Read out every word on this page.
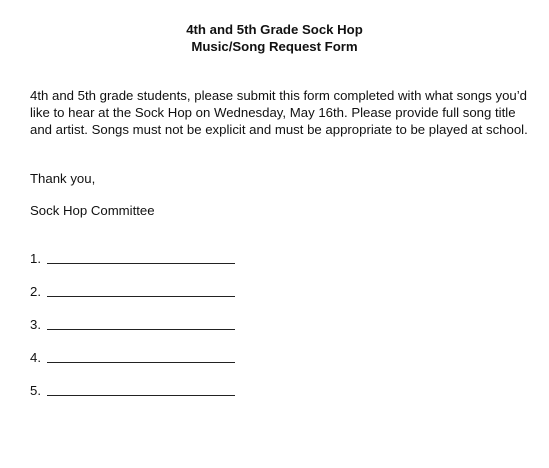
4th and 5th Grade Sock Hop
Music/Song Request Form

4th and 5th grade students, please submit this form completed with what songs you’d like to hear at the Sock Hop on Wednesday, May 16th. Please provide full song title and artist. Songs must not be explicit and must be appropriate to be played at school.

Thank you,

Sock Hop Committee

1.
2.
3.
4.
5.
